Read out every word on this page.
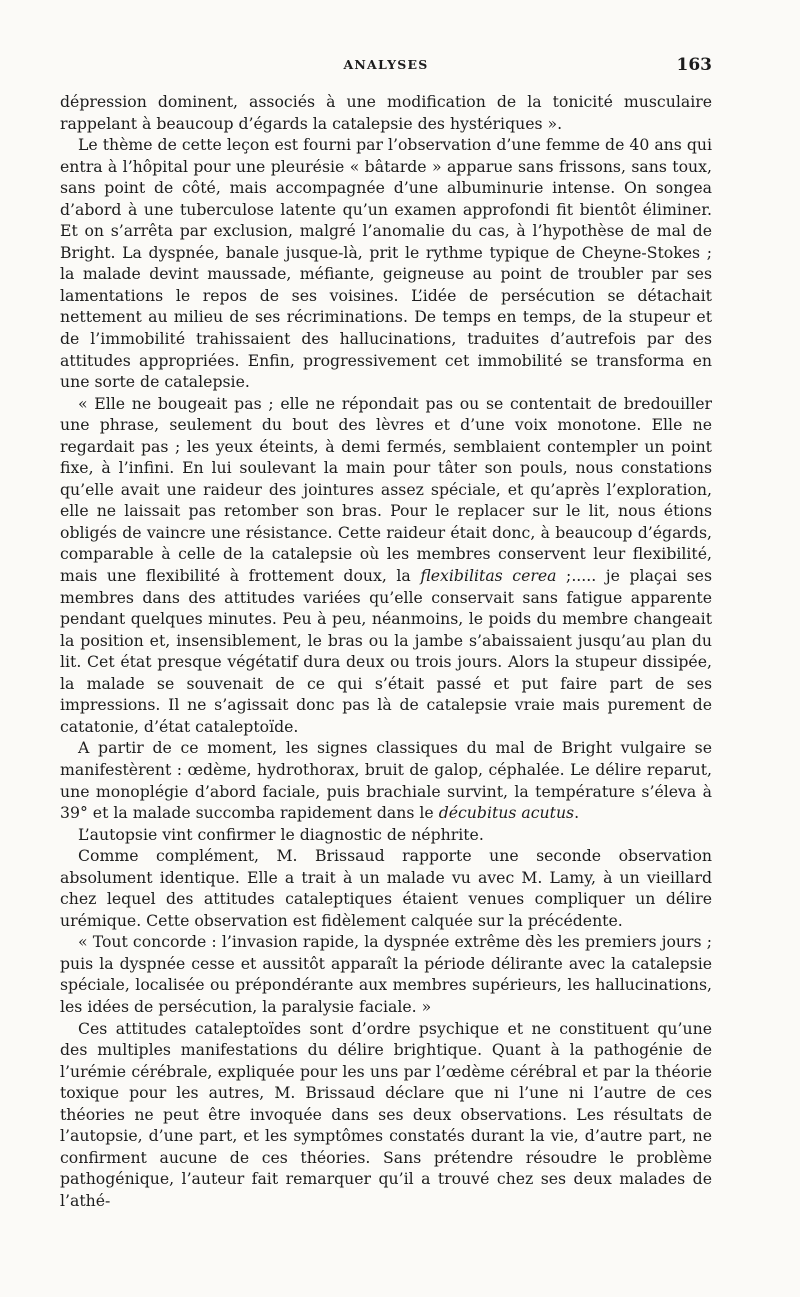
ANALYSES	163

dépression dominent, associés à une modification de la tonicité musculaire rappelant à beaucoup d’égards la catalepsie des hystériques ».

Le thème de cette leçon est fourni par l’observation d’une femme de 40 ans qui entra à l’hôpital pour une pleurésie « bâtarde » apparue sans frissons, sans toux, sans point de côté, mais accompagnée d’une albuminurie intense. On songea d’abord à une tuberculose latente qu’un examen approfondi fit bientôt éliminer. Et on s’arrêta par exclusion, malgré l’anomalie du cas, à l’hypothèse de mal de Bright. La dyspnée, banale jusque-là, prit le rythme typique de Cheyne-Stokes ; la malade devint maussade, méfiante, geigneuse au point de troubler par ses lamentations le repos de ses voisines. L’idée de persécution se détachait nettement au milieu de ses récriminations. De temps en temps, de la stupeur et de l’immobilité trahissaient des hallucinations, traduites d’autrefois par des attitudes appropriées. Enfin, progressivement cet immobilité se transforma en une sorte de catalepsie.

« Elle ne bougeait pas ; elle ne répondait pas ou se contentait de bredouiller une phrase, seulement du bout des lèvres et d’une voix monotone. Elle ne regardait pas ; les yeux éteints, à demi fermés, semblaient contempler un point fixe, à l’infini. En lui soulevant la main pour tâter son pouls, nous constations qu’elle avait une raideur des jointures assez spéciale, et qu’après l’exploration, elle ne laissait pas retomber son bras. Pour le replacer sur le lit, nous étions obligés de vaincre une résistance. Cette raideur était donc, à beaucoup d’égards, comparable à celle de la catalepsie où les membres conservent leur flexibilité, mais une flexibilité à frottement doux, la flexibilitas cerea ;..... je plaçai ses membres dans des attitudes variées qu’elle conservait sans fatigue apparente pendant quelques minutes. Peu à peu, néanmoins, le poids du membre changeait la position et, insensiblement, le bras ou la jambe s’abaissaient jusqu’au plan du lit. Cet état presque végétatif dura deux ou trois jours. Alors la stupeur dissipée, la malade se souvenait de ce qui s’était passé et put faire part de ses impressions. Il ne s’agissait donc pas là de catalepsie vraie mais purement de catatonie, d’état cataleptoïde.

A partir de ce moment, les signes classiques du mal de Bright vulgaire se manifestèrent : œdème, hydrothorax, bruit de galop, céphalée. Le délire reparut, une monoplégie d’abord faciale, puis brachiale survint, la température s’éleva à 39° et la malade succomba rapidement dans le décubitus acutus.

L’autopsie vint confirmer le diagnostic de néphrite.

Comme complément, M. Brissaud rapporte une seconde observation absolument identique. Elle a trait à un malade vu avec M. Lamy, à un vieillard chez lequel des attitudes cataleptiques étaient venues compliquer un délire urémique. Cette observation est fidèlement calquée sur la précédente.

« Tout concorde : l’invasion rapide, la dyspnée extrême dès les premiers jours ; puis la dyspnée cesse et aussitôt apparaît la période délirante avec la catalepsie spéciale, localisée ou prépondérante aux membres supérieurs, les hallucinations, les idées de persécution, la paralysie faciale. »

Ces attitudes cataleptoïdes sont d’ordre psychique et ne constituent qu’une des multiples manifestations du délire brightique. Quant à la pathogénie de l’urémie cérébrale, expliquée pour les uns par l’œdème cérébral et par la théorie toxique pour les autres, M. Brissaud déclare que ni l’une ni l’autre de ces théories ne peut être invoquée dans ses deux observations. Les résultats de l’autopsie, d’une part, et les symptômes constatés durant la vie, d’autre part, ne confirment aucune de ces théories. Sans prétendre résoudre le problème pathogénique, l’auteur fait remarquer qu’il a trouvé chez ses deux malades de l’athé-
